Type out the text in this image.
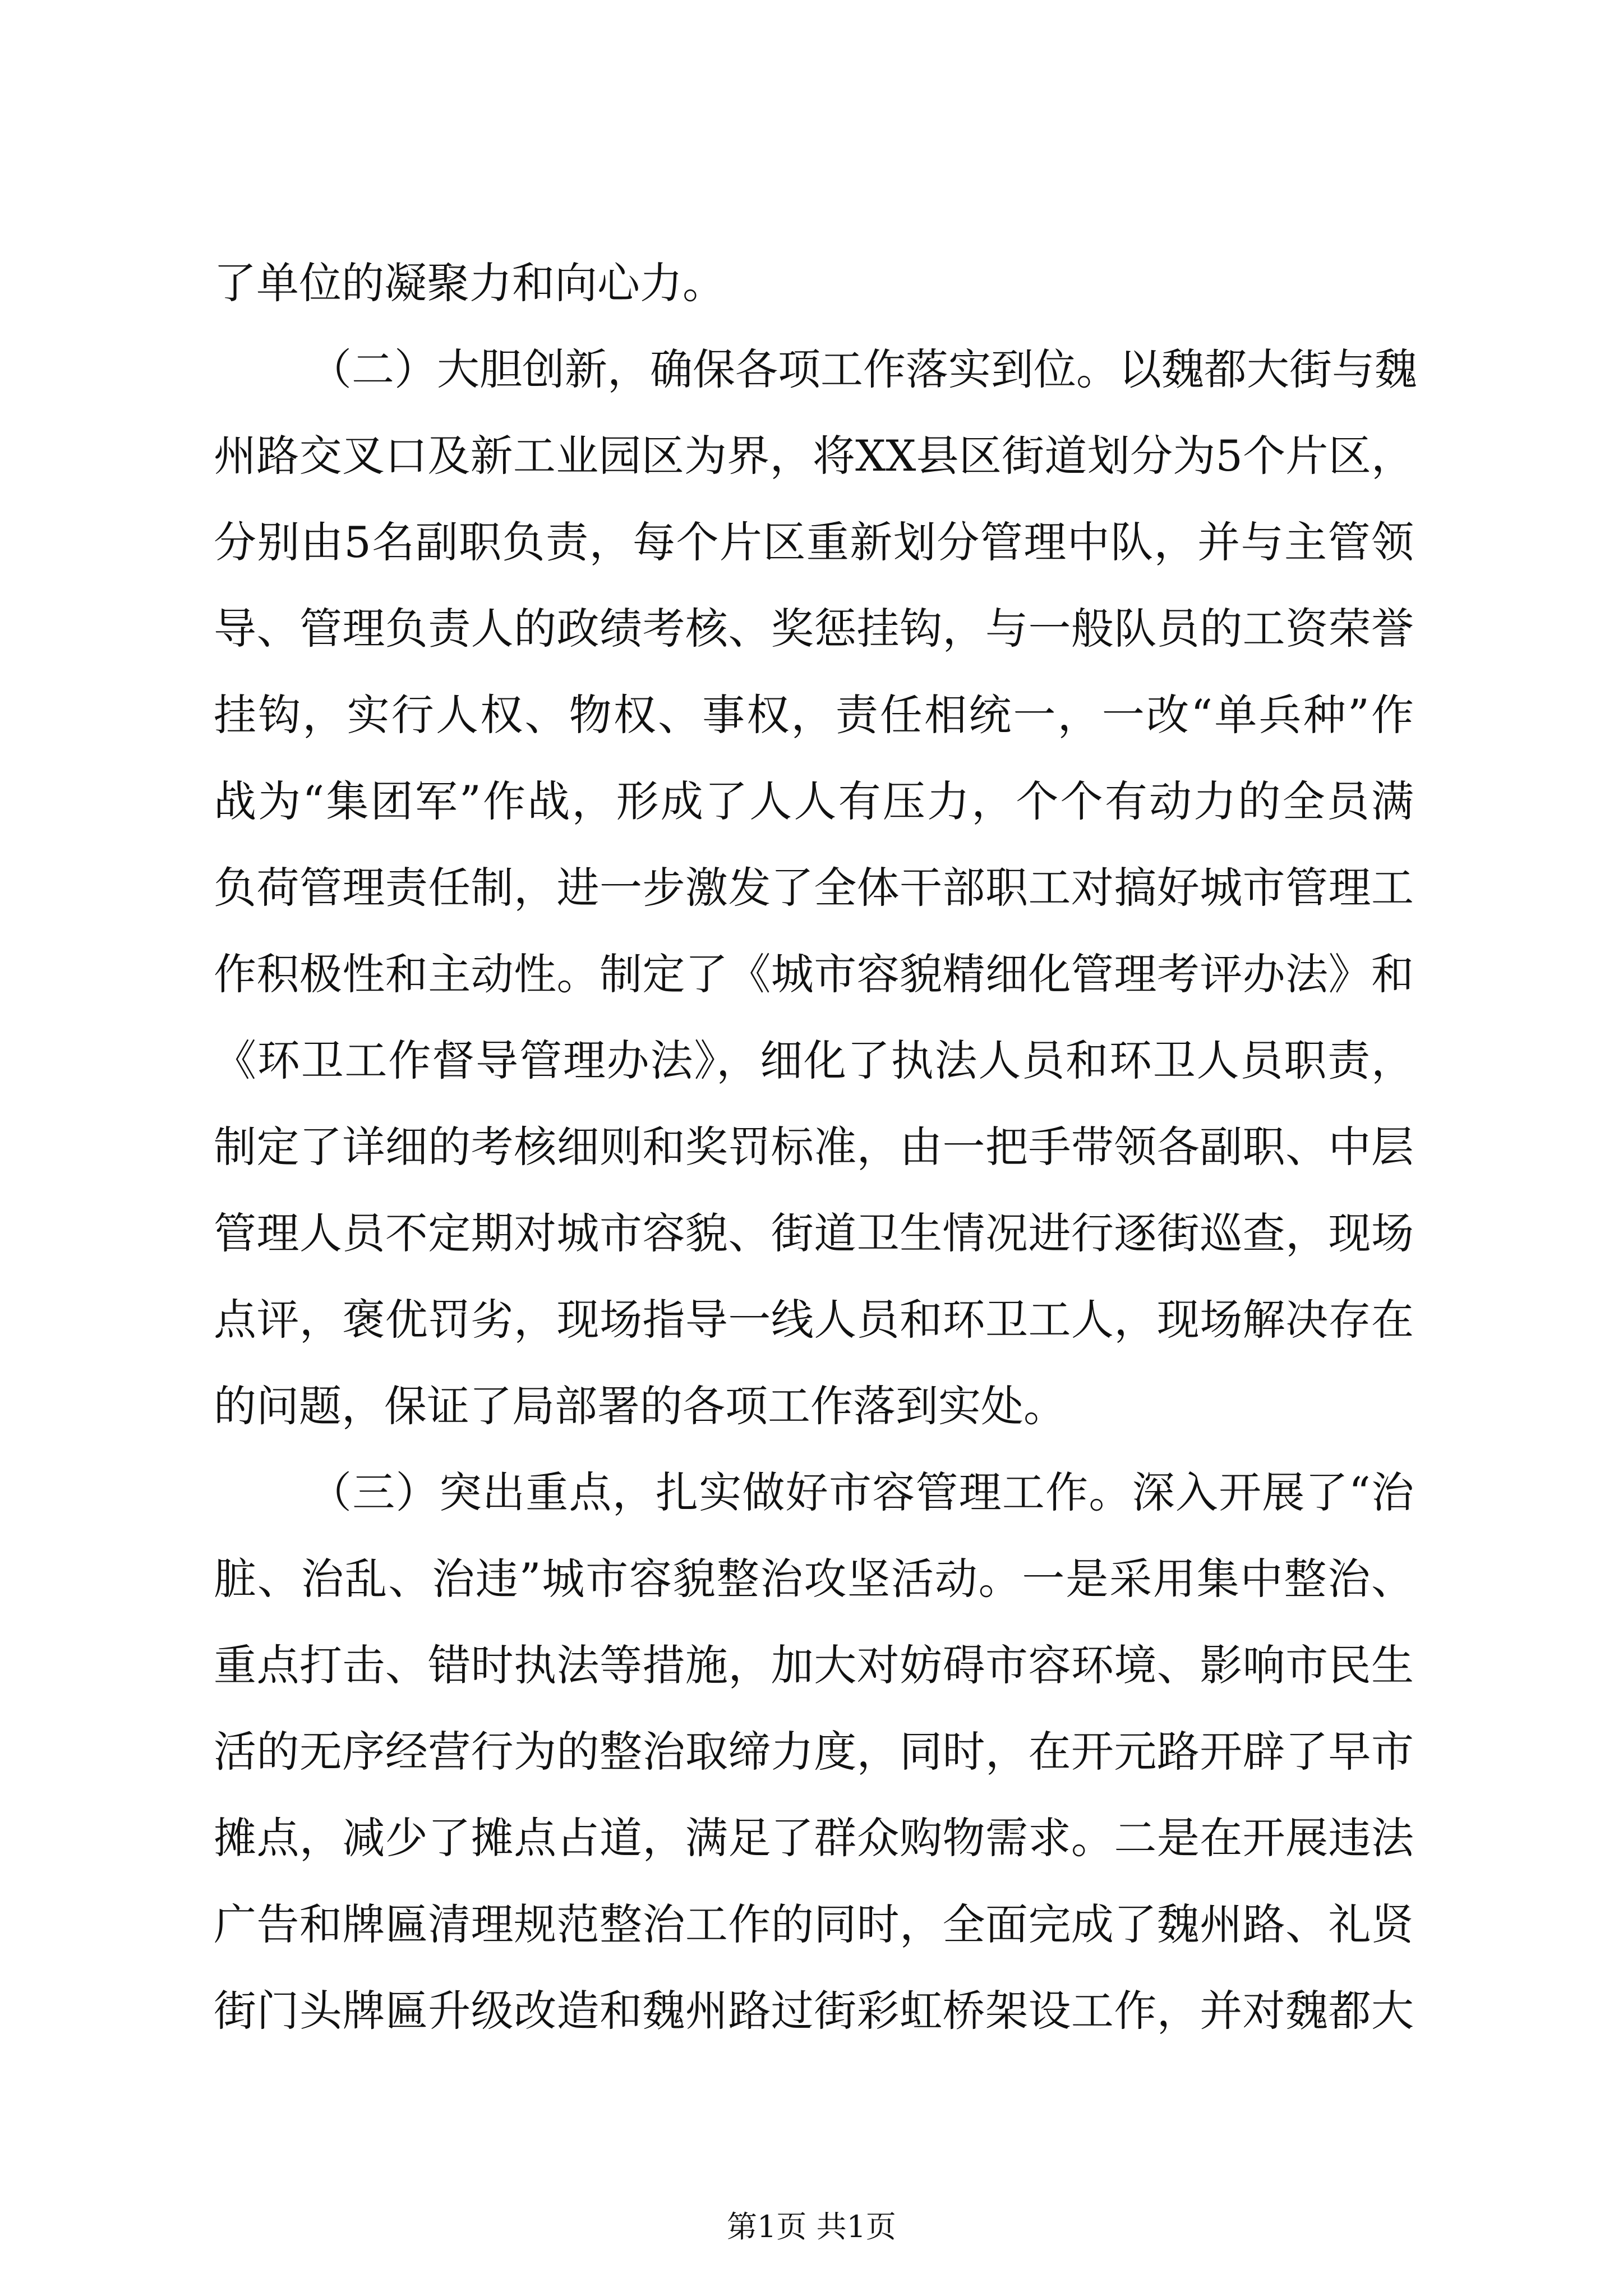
了单位的凝聚力和向心力。
（二）大胆创新，确保各项工作落实到位。以魏都大街与魏
州路交叉口及新工业园区为界，将XX县区街道划分为5个片区，
分别由5名副职负责，每个片区重新划分管理中队，并与主管领
导、管理负责人的政绩考核、奖惩挂钩，与一般队员的工资荣誉
挂钩，实行人权、物权、事权，责任相统一，一改“单兵种”作
战为“集团军”作战，形成了人人有压力，个个有动力的全员满
负荷管理责任制，进一步激发了全体干部职工对搞好城市管理工
作积极性和主动性。制定了《城市容貌精细化管理考评办法》和
《环卫工作督导管理办法》，细化了执法人员和环卫人员职责，
制定了详细的考核细则和奖罚标准，由一把手带领各副职、中层
管理人员不定期对城市容貌、街道卫生情况进行逐街巡查，现场
点评，褒优罚劣，现场指导一线人员和环卫工人，现场解决存在
的问题，保证了局部署的各项工作落到实处。
（三）突出重点，扎实做好市容管理工作。深入开展了“治
脏、治乱、治违”城市容貌整治攻坚活动。一是采用集中整治、
重点打击、错时执法等措施，加大对妨碍市容环境、影响市民生
活的无序经营行为的整治取缔力度，同时，在开元路开辟了早市
摊点，减少了摊点占道，满足了群众购物需求。二是在开展违法
广告和牌匾清理规范整治工作的同时，全面完成了魏州路、礼贤
街门头牌匾升级改造和魏州路过街彩虹桥架设工作，并对魏都大
第1页 共1页
